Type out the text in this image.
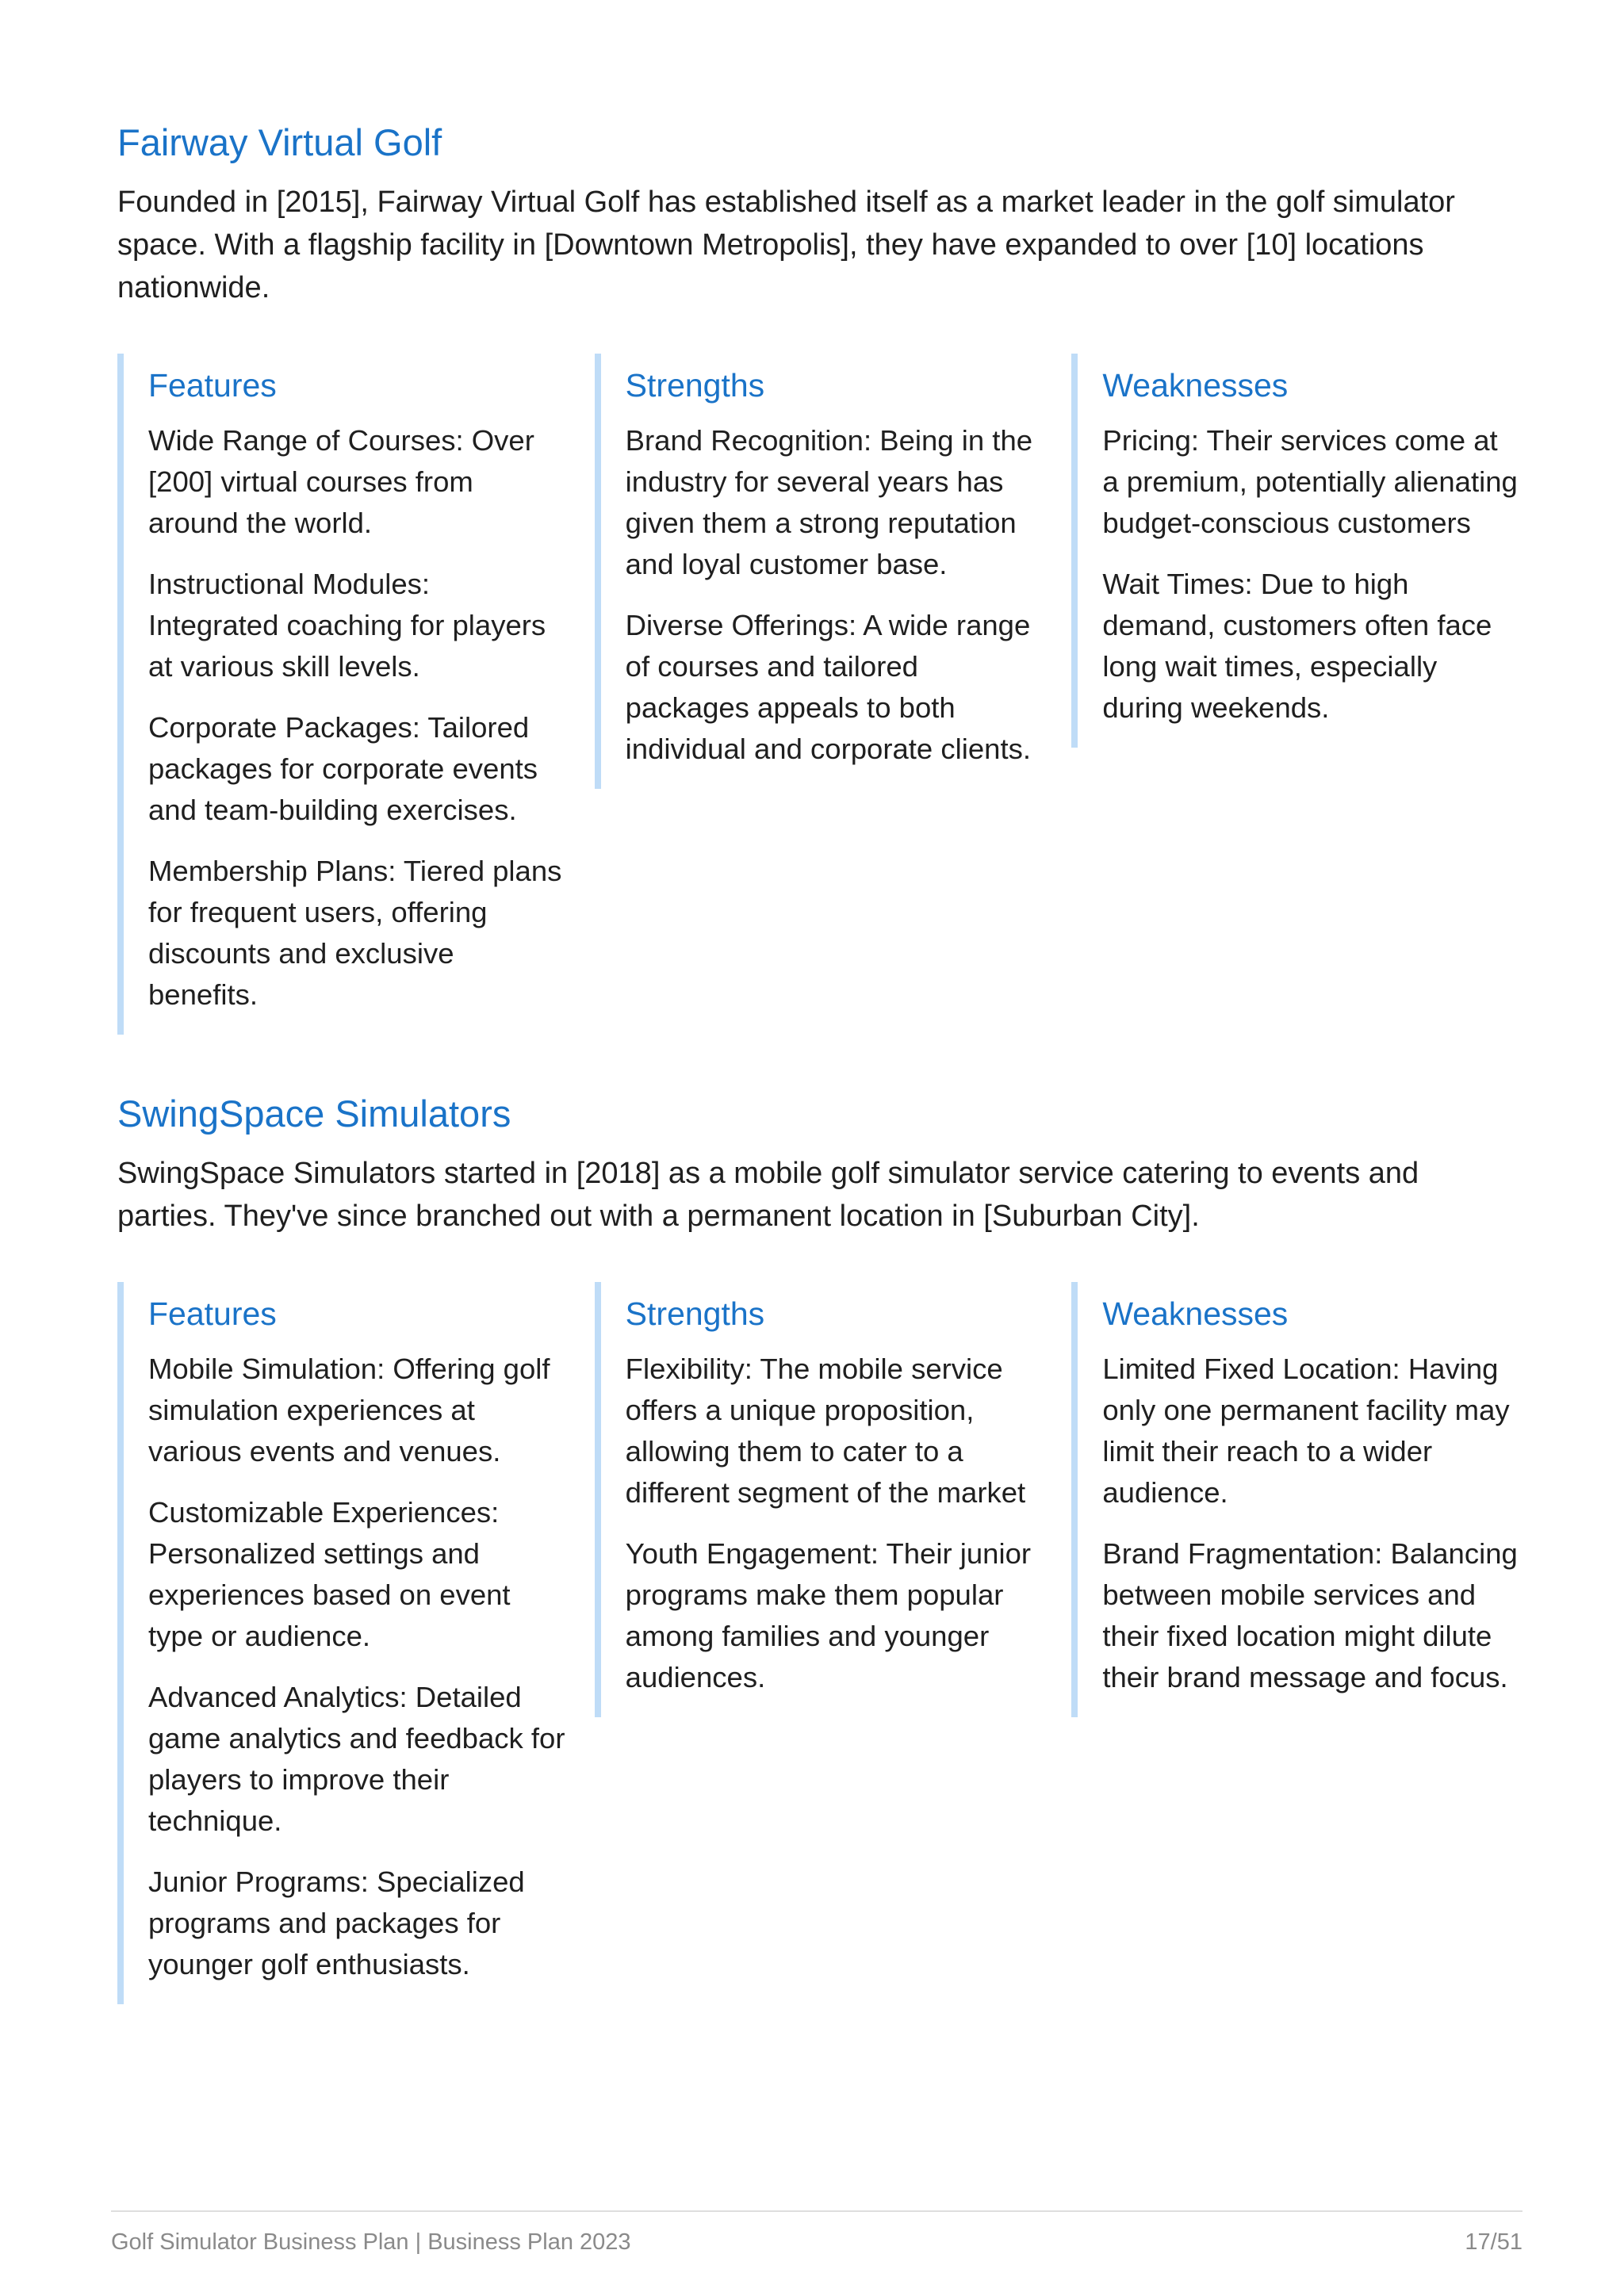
Fairway Virtual Golf

Founded in [2015], Fairway Virtual Golf has established itself as a market leader in the golf simulator space. With a flagship facility in [Downtown Metropolis], they have expanded to over [10] locations nationwide.

Features

Wide Range of Courses: Over [200] virtual courses from around the world.

Instructional Modules: Integrated coaching for players at various skill levels.

Corporate Packages: Tailored packages for corporate events and team-building exercises.

Membership Plans: Tiered plans for frequent users, offering discounts and exclusive benefits.

Strengths

Brand Recognition: Being in the industry for several years has given them a strong reputation and loyal customer base.

Diverse Offerings: A wide range of courses and tailored packages appeals to both individual and corporate clients.

Weaknesses

Pricing: Their services come at a premium, potentially alienating budget-conscious customers

Wait Times: Due to high demand, customers often face long wait times, especially during weekends.

SwingSpace Simulators

SwingSpace Simulators started in [2018] as a mobile golf simulator service catering to events and parties. They've since branched out with a permanent location in [Suburban City].

Features

Mobile Simulation: Offering golf simulation experiences at various events and venues.

Customizable Experiences: Personalized settings and experiences based on event type or audience.

Advanced Analytics: Detailed game analytics and feedback for players to improve their technique.

Junior Programs: Specialized programs and packages for younger golf enthusiasts.

Strengths

Flexibility: The mobile service offers a unique proposition, allowing them to cater to a different segment of the market

Youth Engagement: Their junior programs make them popular among families and younger audiences.

Weaknesses

Limited Fixed Location: Having only one permanent facility may limit their reach to a wider audience.

Brand Fragmentation: Balancing between mobile services and their fixed location might dilute their brand message and focus.

Golf Simulator Business Plan | Business Plan 2023	17/51
